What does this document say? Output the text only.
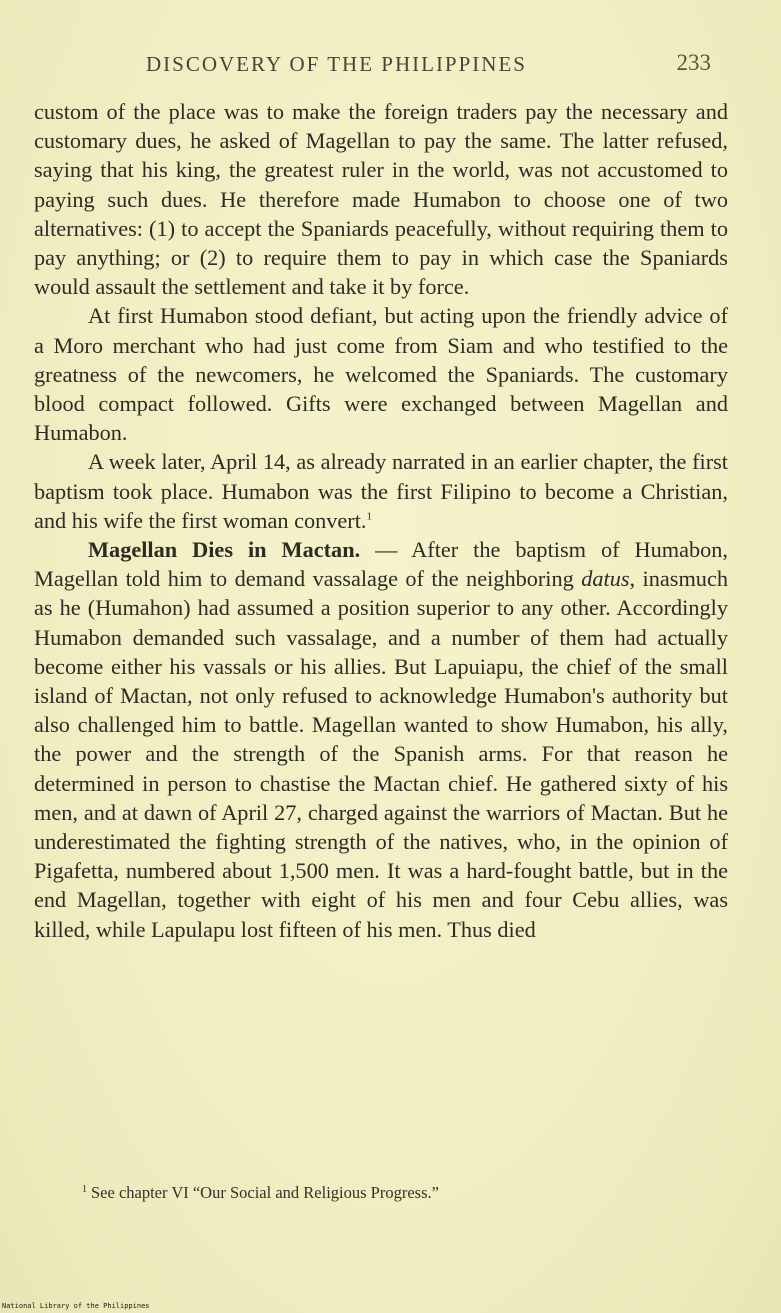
DISCOVERY OF THE PHILIPPINES	233

custom of the place was to make the foreign traders pay the necessary and customary dues, he asked of Magellan to pay the same. The latter refused, saying that his king, the greatest ruler in the world, was not accustomed to paying such dues. He therefore made Humabon to choose one of two alternatives: (1) to accept the Spaniards peacefully, without requiring them to pay anything; or (2) to require them to pay in which case the Spaniards would assault the settlement and take it by force.

At first Humabon stood defiant, but acting upon the friendly advice of a Moro merchant who had just come from Siam and who testified to the greatness of the newcomers, he welcomed the Spaniards. The customary blood compact followed. Gifts were exchanged between Magellan and Humabon.

A week later, April 14, as already narrated in an earlier chapter, the first baptism took place. Humabon was the first Filipino to become a Christian, and his wife the first woman convert.$^1$

Magellan Dies in Mactan. — After the baptism of Humabon, Magellan told him to demand vassalage of the neighboring datus, inasmuch as he (Humahon) had assumed a position superior to any other. Accordingly Humabon demanded such vassalage, and a number of them had actually become either his vassals or his allies. But Lapuiapu, the chief of the small island of Mactan, not only refused to acknowledge Humabon's authority but also challenged him to battle. Magellan wanted to show Humabon, his ally, the power and the strength of the Spanish arms. For that reason he determined in person to chastise the Mactan chief. He gathered sixty of his men, and at dawn of April 27, charged against the warriors of Mactan. But he underestimated the fighting strength of the natives, who, in the opinion of Pigafetta, numbered about 1,500 men. It was a hard-fought battle, but in the end Magellan, together with eight of his men and four Cebu allies, was killed, while Lapulapu lost fifteen of his men. Thus died

$^1$ See chapter VI “Our Social and Religious Progress.”
National Library of the Philippines
